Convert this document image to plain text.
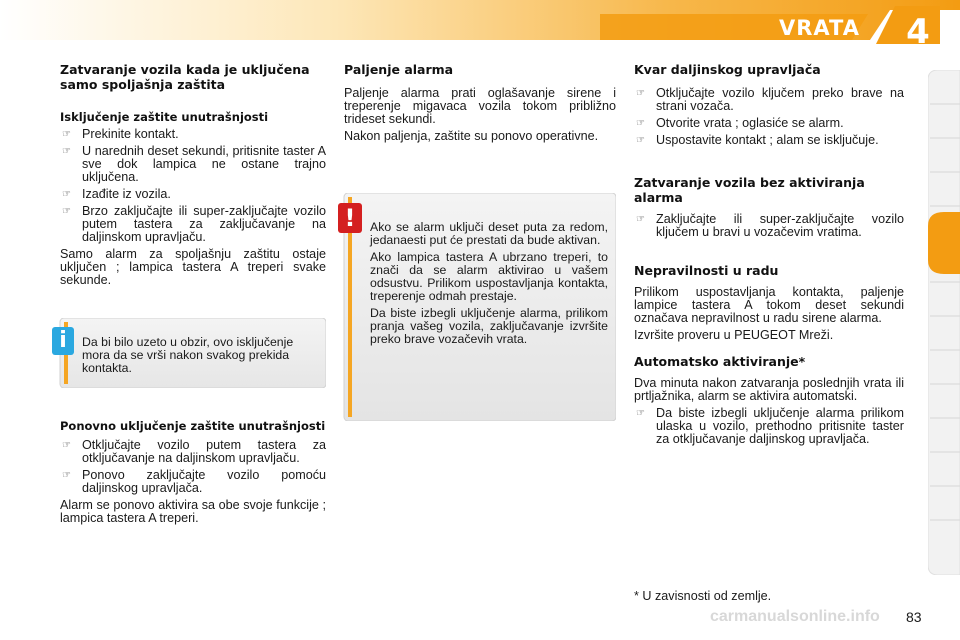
VRATA 4
Zatvaranje vozila kada je uključena samo spoljašnja zaštita
Isključenje zaštite unutrašnjosti
☞ Prekinite kontakt.
☞ U narednih deset sekundi, pritisnite taster A sve dok lampica ne ostane trajno uključena.
☞ Izađite iz vozila.
☞ Brzo zaključajte ili super-zaključajte vozilo putem tastera za zaključavanje na daljinskom upravljaču.

Samo alarm za spoljašnju zaštitu ostaje uključen ; lampica tastera A treperi svake sekunde.

i	Da bi bilo uzeto u obzir, ovo isključenje mora da se vrši nakon svakog prekida kontakta.
Ponovno uključenje zaštite unutrašnjosti
☞ Otključajte vozilo putem tastera za otključavanje na daljinskom upravljaču.
☞ Ponovo zaključajte vozilo pomoću daljinskog upravljača.

Alarm se ponovo aktivira sa obe svoje funkcije ; lampica tastera A treperi.

Paljenje alarma

Paljenje alarma prati oglašavanje sirene i treperenje migavaca vozila tokom približno trideset sekundi.

Nakon paljenja, zaštite su ponovo operativne.

!	Ako se alarm uključi deset puta za redom, jedanaesti put će prestati da bude aktivan.

Ako lampica tastera A ubrzano treperi, to znači da se alarm aktivirao u vašem odsustvu. Prilikom uspostavljanja kontakta, treperenje odmah prestaje.

Da biste izbegli uključenje alarma, prilikom pranja vašeg vozila, zaključavanje izvršite preko brave vozačevih vrata.

Kvar daljinskog upravljača
☞ Otključajte vozilo ključem preko brave na strani vozača.
☞ Otvorite vrata ; oglasiće se alarm.
☞ Uspostavite kontakt ; alam se isključuje.
Zatvaranje vozila bez aktiviranja alarma
☞ Zaključajte ili super-zaključajte vozilo ključem u bravi u vozačevim vratima.
Nepravilnosti u radu

Prilikom uspostavljanja kontakta, paljenje lampice tastera A tokom deset sekundi označava nepravilnost u radu sirene alarma.

Izvršite proveru u PEUGEOT Mreži.

Automatsko aktiviranje*

Dva minuta nakon zatvaranja poslednjih vrata ili prtljažnika, alarm se aktivira automatski.

☞ Da biste izbegli uključenje alarma prilikom ulaska u vozilo, prethodno pritisnite taster za otključavanje daljinskog upravljača.
* U zavisnosti od zemlje.
carmanualsonline.info 83
